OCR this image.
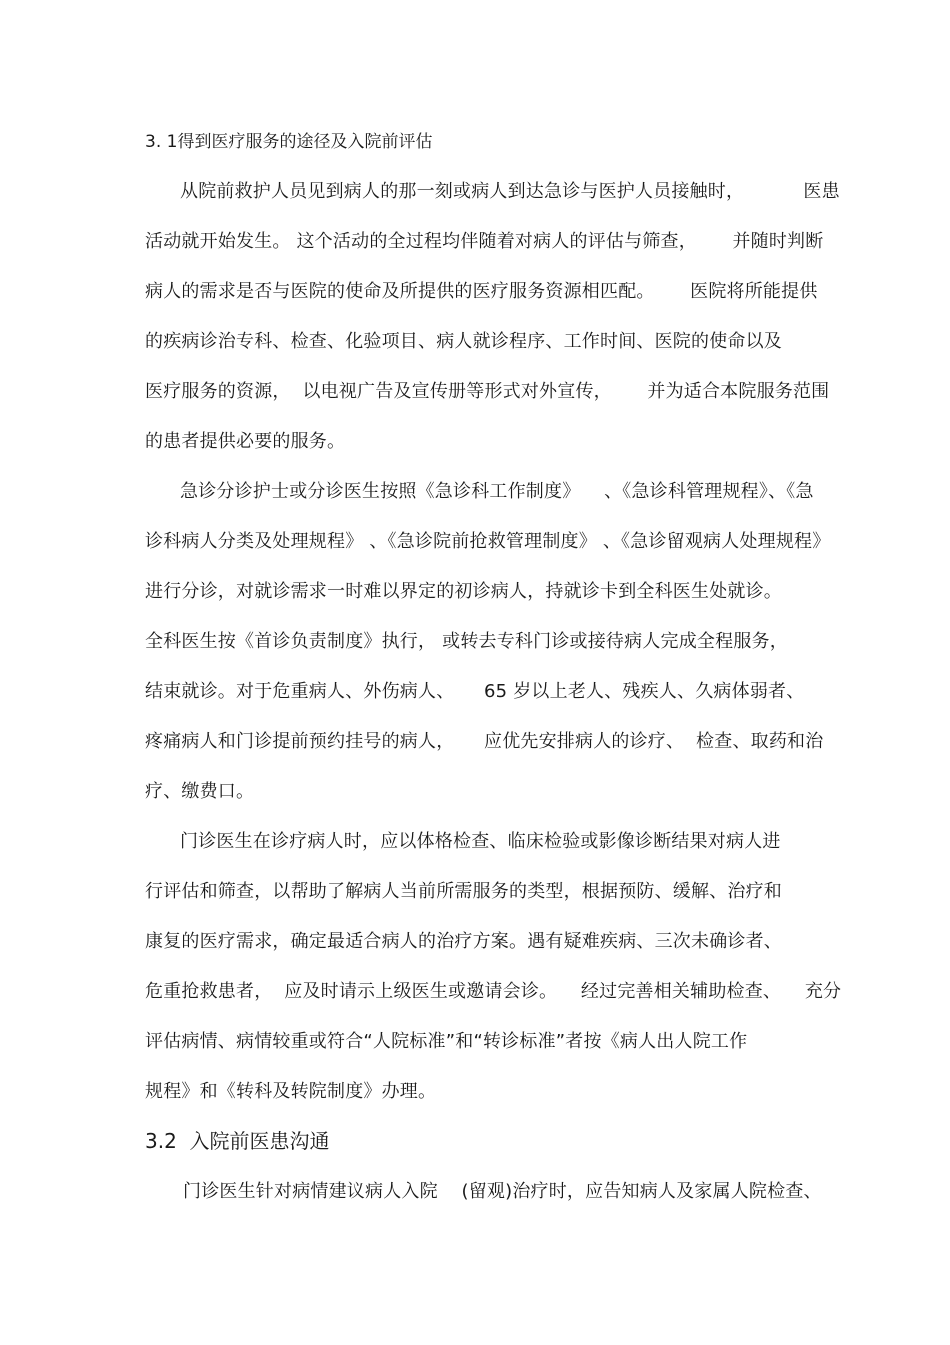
3. 1得到医疗服务的途径及入院前评估
从院前救护人员见到病人的那一刻或病人到达急诊与医护人员接触时，          医患
活动就开始发生。 这个活动的全过程均伴随着对病人的评估与筛查，      并随时判断
病人的需求是否与医院的使命及所提供的医疗服务资源相匹配。      医院将所能提供
的疾病诊治专科、检查、化验项目、病人就诊程序、工作时间、医院的使命以及
医疗服务的资源，  以电视广告及宣传册等形式对外宣传，      并为适合本院服务范围
的患者提供必要的服务。
急诊分诊护士或分诊医生按照《急诊科工作制度》    、《急诊科管理规程》、《急
诊科病人分类及处理规程》 、《急诊院前抢救管理制度》 、《急诊留观病人处理规程》
进行分诊，对就诊需求一时难以界定的初诊病人，持就诊卡到全科医生处就诊。
全科医生按《首诊负责制度》执行， 或转去专科门诊或接待病人完成全程服务，
结束就诊。对于危重病人、外伤病人、     65 岁以上老人、残疾人、久病体弱者、
疼痛病人和门诊提前预约挂号的病人，     应优先安排病人的诊疗、  检查、取药和治
疗、缴费口。
门诊医生在诊疗病人时，应以体格检查、临床检验或影像诊断结果对病人进
行评估和筛查，以帮助了解病人当前所需服务的类型，根据预防、缓解、治疗和
康复的医疗需求，确定最适合病人的治疗方案。遇有疑难疾病、三次未确诊者、
危重抢救患者，  应及时请示上级医生或邀请会诊。    经过完善相关辅助检查、    充分
评估病情、病情较重或符合“人院标准”和“转诊标准”者按《病人出人院工作
规程》和《转科及转院制度》办理。
3.2  入院前医患沟通
门诊医生针对病情建议病人入院    (留观)治疗时，应告知病人及家属人院检查、
